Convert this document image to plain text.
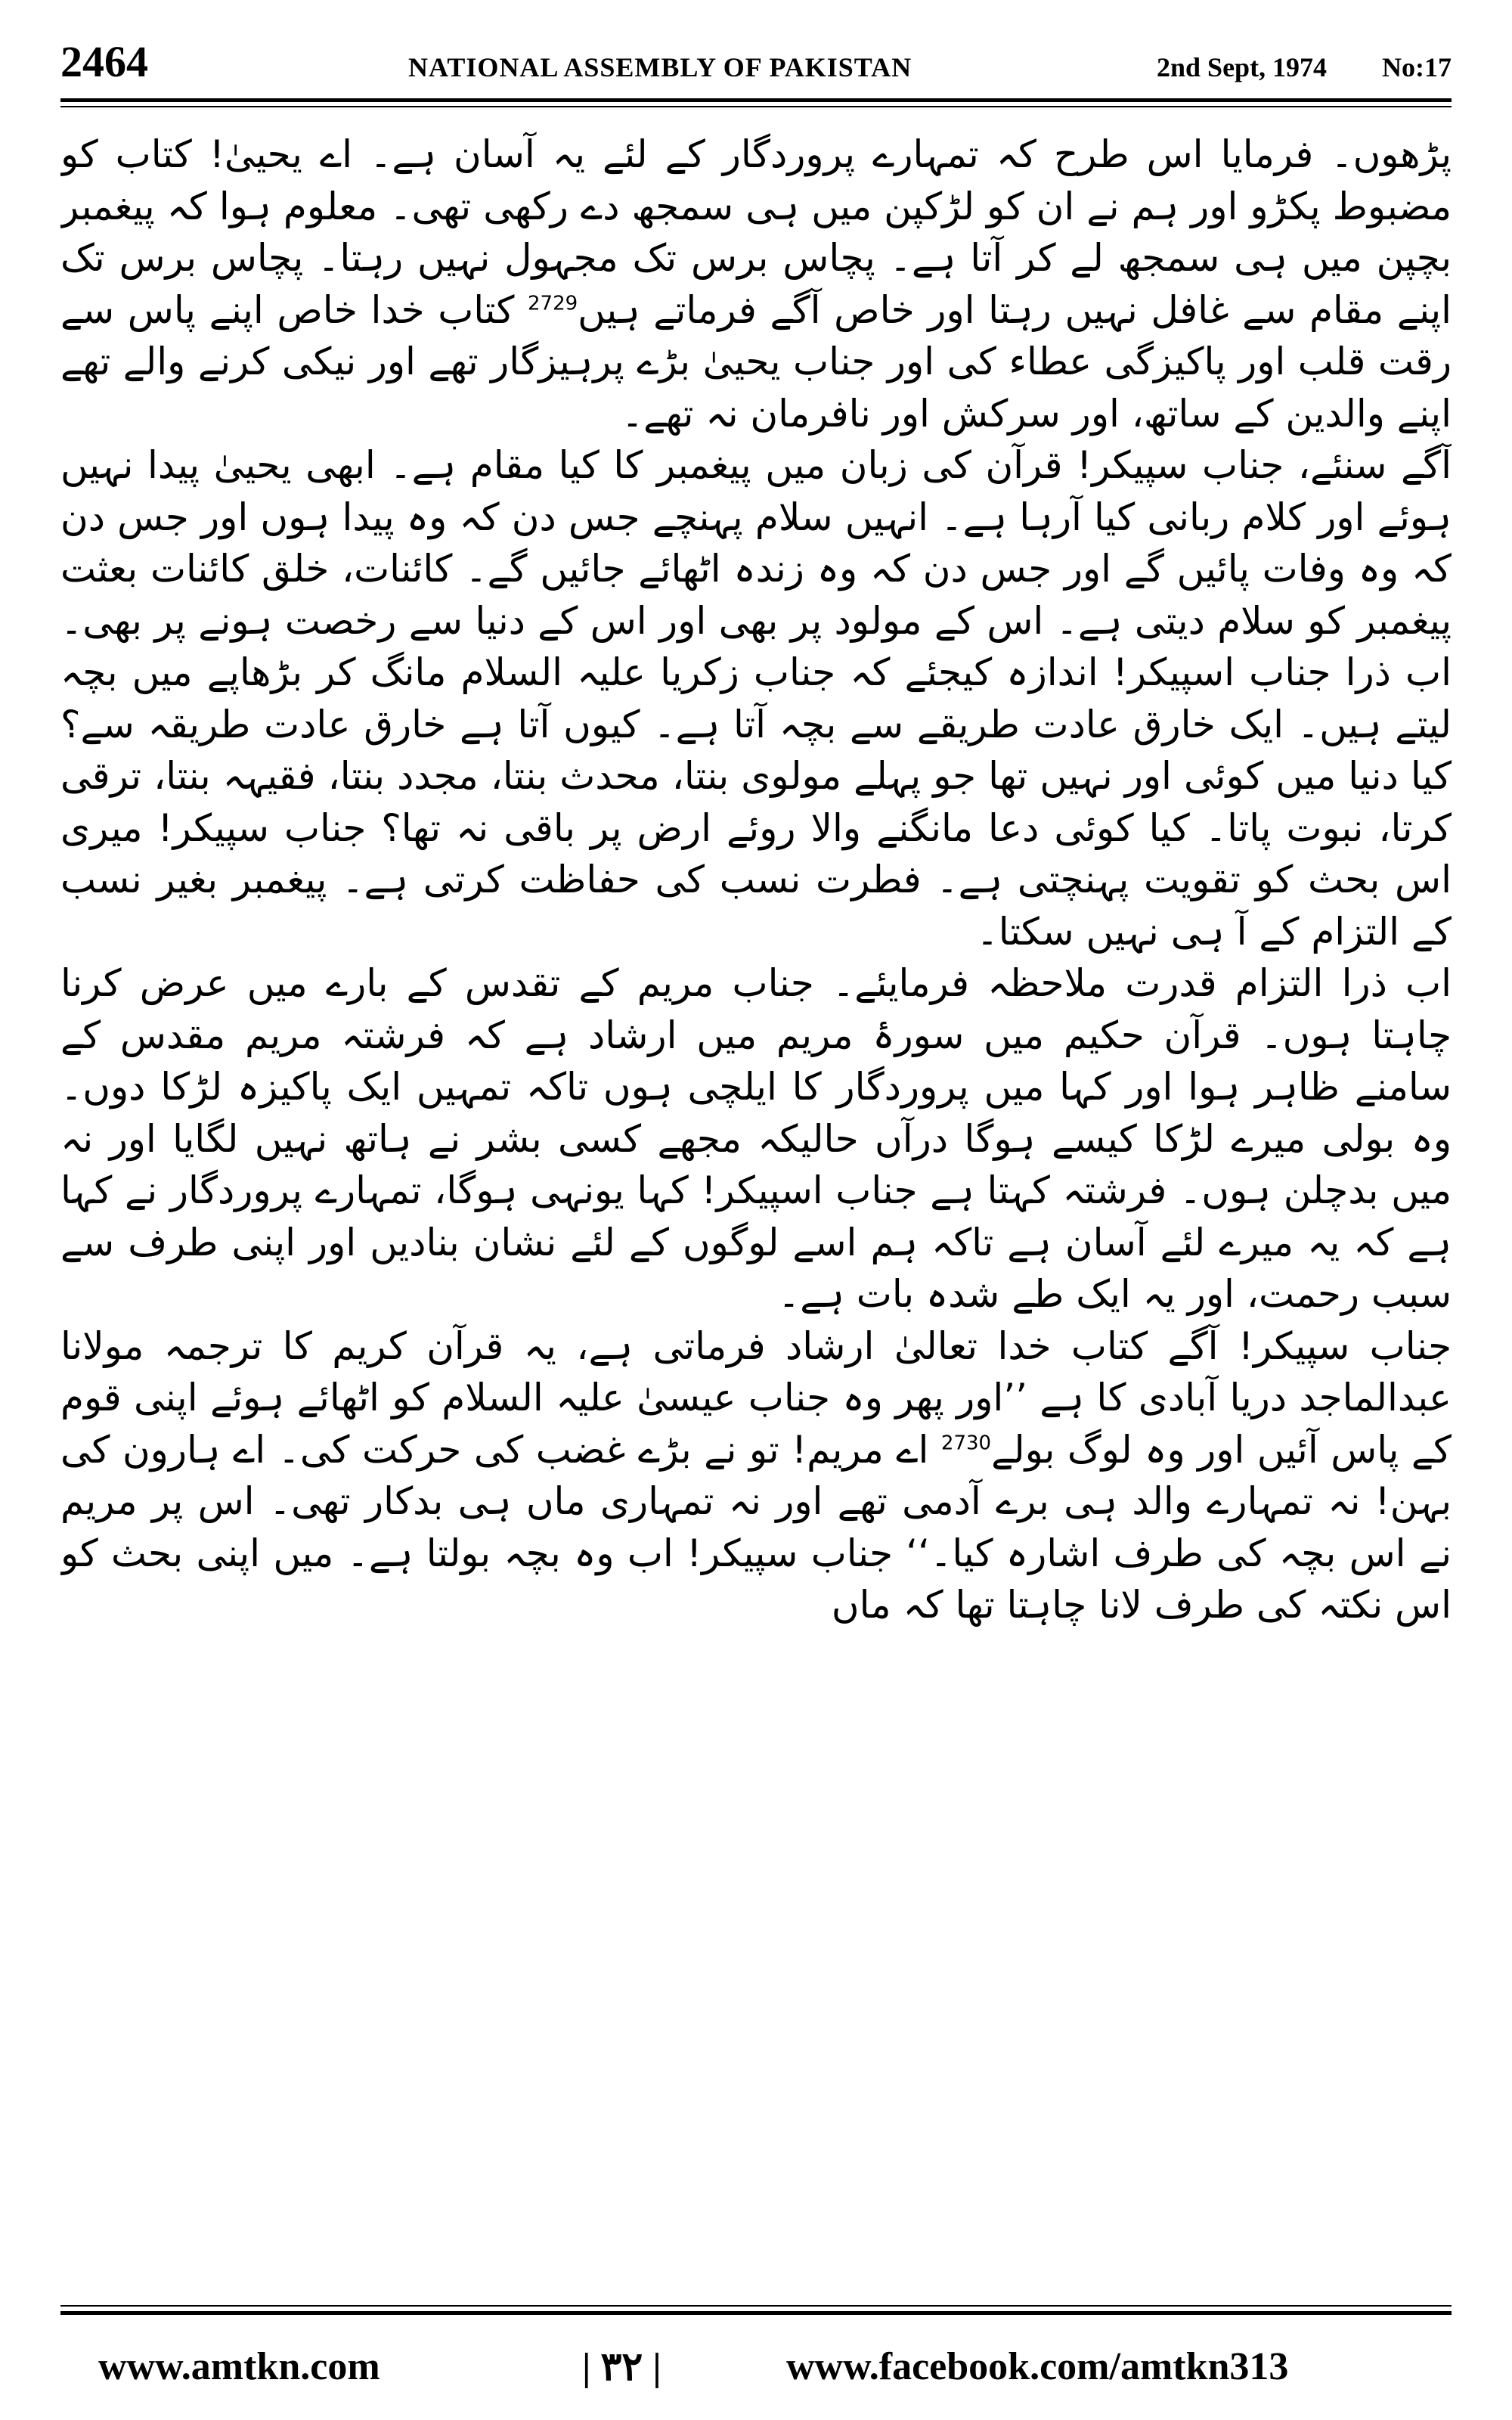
2464	NATIONAL ASSEMBLY OF PAKISTAN	2nd Sept, 1974 No:17

پڑھوں۔ فرمایا اس طرح کہ تمہارے پروردگار کے لئے یہ آسان ہے۔ اے یحییٰ! کتاب کو مضبوط پکڑو اور ہم نے ان کو لڑکپن میں ہی سمجھ دے رکھی تھی۔ معلوم ہوا کہ پیغمبر بچپن میں ہی سمجھ لے کر آتا ہے۔ پچاس برس تک مجہول نہیں رہتا۔ پچاس برس تک اپنے مقام سے غافل نہیں رہتا اور خاص آگے فرماتے ہیں$^{2729}$ کتاب خدا خاص اپنے پاس سے رقت قلب اور پاکیزگی عطاء کی اور جناب یحییٰ بڑے پرہیزگار تھے اور نیکی کرنے والے تھے اپنے والدین کے ساتھ، اور سرکش اور نافرمان نہ تھے۔

آگے سنئے، جناب سپیکر! قرآن کی زبان میں پیغمبر کا کیا مقام ہے۔ ابھی یحییٰ پیدا نہیں ہوئے اور کلام ربانی کیا آرہا ہے۔ انہیں سلام پہنچے جس دن کہ وہ پیدا ہوں اور جس دن کہ وہ وفات پائیں گے اور جس دن کہ وہ زندہ اٹھائے جائیں گے۔ کائنات، خلق کائنات بعثت پیغمبر کو سلام دیتی ہے۔ اس کے مولود پر بھی اور اس کے دنیا سے رخصت ہونے پر بھی۔ اب ذرا جناب اسپیکر! اندازہ کیجئے کہ جناب زکریا علیہ السلام مانگ کر بڑھاپے میں بچہ لیتے ہیں۔ ایک خارق عادت طریقے سے بچہ آتا ہے۔ کیوں آتا ہے خارق عادت طریقہ سے؟ کیا دنیا میں کوئی اور نہیں تھا جو پہلے مولوی بنتا، محدث بنتا، مجدد بنتا، فقیہہ بنتا، ترقی کرتا، نبوت پاتا۔ کیا کوئی دعا مانگنے والا روئے ارض پر باقی نہ تھا؟ جناب سپیکر! میری اس بحث کو تقویت پہنچتی ہے۔ فطرت نسب کی حفاظت کرتی ہے۔ پیغمبر بغیر نسب کے التزام کے آ ہی نہیں سکتا۔

اب ذرا التزام قدرت ملاحظہ فرمایئے۔ جناب مریم کے تقدس کے بارے میں عرض کرنا چاہتا ہوں۔ قرآن حکیم میں سورۂ مریم میں ارشاد ہے کہ فرشتہ مریم مقدس کے سامنے ظاہر ہوا اور کہا میں پروردگار کا ایلچی ہوں تاکہ تمہیں ایک پاکیزہ لڑکا دوں۔ وہ بولی میرے لڑکا کیسے ہوگا درآں حالیکہ مجھے کسی بشر نے ہاتھ نہیں لگایا اور نہ میں بدچلن ہوں۔ فرشتہ کہتا ہے جناب اسپیکر! کہا یونہی ہوگا، تمہارے پروردگار نے کہا ہے کہ یہ میرے لئے آسان ہے تاکہ ہم اسے لوگوں کے لئے نشان بنادیں اور اپنی طرف سے سبب رحمت، اور یہ ایک طے شدہ بات ہے۔

جناب سپیکر! آگے کتاب خدا تعالیٰ ارشاد فرماتی ہے، یہ قرآن کریم کا ترجمہ مولانا عبدالماجد دریا آبادی کا ہے ’’اور پھر وہ جناب عیسیٰ علیہ السلام کو اٹھائے ہوئے اپنی قوم کے پاس آئیں اور وہ لوگ بولے$^{2730}$ اے مریم! تو نے بڑے غضب کی حرکت کی۔ اے ہارون کی بہن! نہ تمہارے والد ہی برے آدمی تھے اور نہ تمہاری ماں ہی بدکار تھی۔ اس پر مریم نے اس بچہ کی طرف اشارہ کیا۔‘‘ جناب سپیکر! اب وہ بچہ بولتا ہے۔ میں اپنی بحث کو اس نکتہ کی طرف لانا چاہتا تھا کہ ماں

www.amtkn.com	| ۳۲ |	www.facebook.com/amtkn313
